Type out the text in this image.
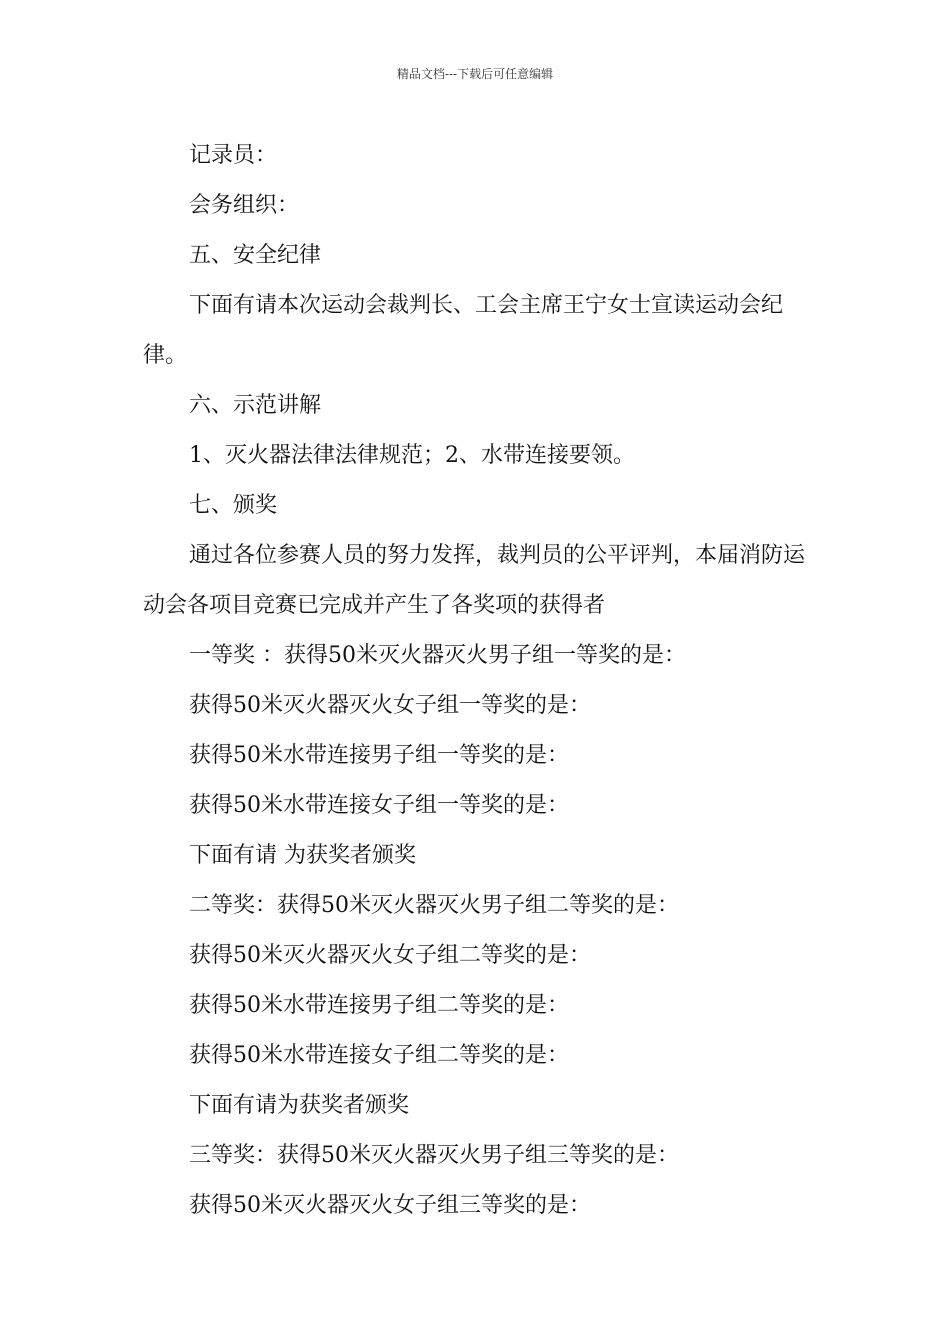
精品文档---下载后可任意编辑

记录员：

会务组织：

五、安全纪律

下面有请本次运动会裁判长、工会主席王宁女士宣读运动会纪律。

六、示范讲解

1、灭火器法律法律规范；2、水带连接要领。

七、颁奖

通过各位参赛人员的努力发挥，裁判员的公平评判，本届消防运动会各项目竞赛已完成并产生了各奖项的获得者

一等奖 ：获得50米灭火器灭火男子组一等奖的是：

获得50米灭火器灭火女子组一等奖的是：

获得50米水带连接男子组一等奖的是：

获得50米水带连接女子组一等奖的是：

下面有请 为获奖者颁奖

二等奖：获得50米灭火器灭火男子组二等奖的是：

获得50米灭火器灭火女子组二等奖的是：

获得50米水带连接男子组二等奖的是：

获得50米水带连接女子组二等奖的是：

下面有请为获奖者颁奖

三等奖：获得50米灭火器灭火男子组三等奖的是：

获得50米灭火器灭火女子组三等奖的是：
